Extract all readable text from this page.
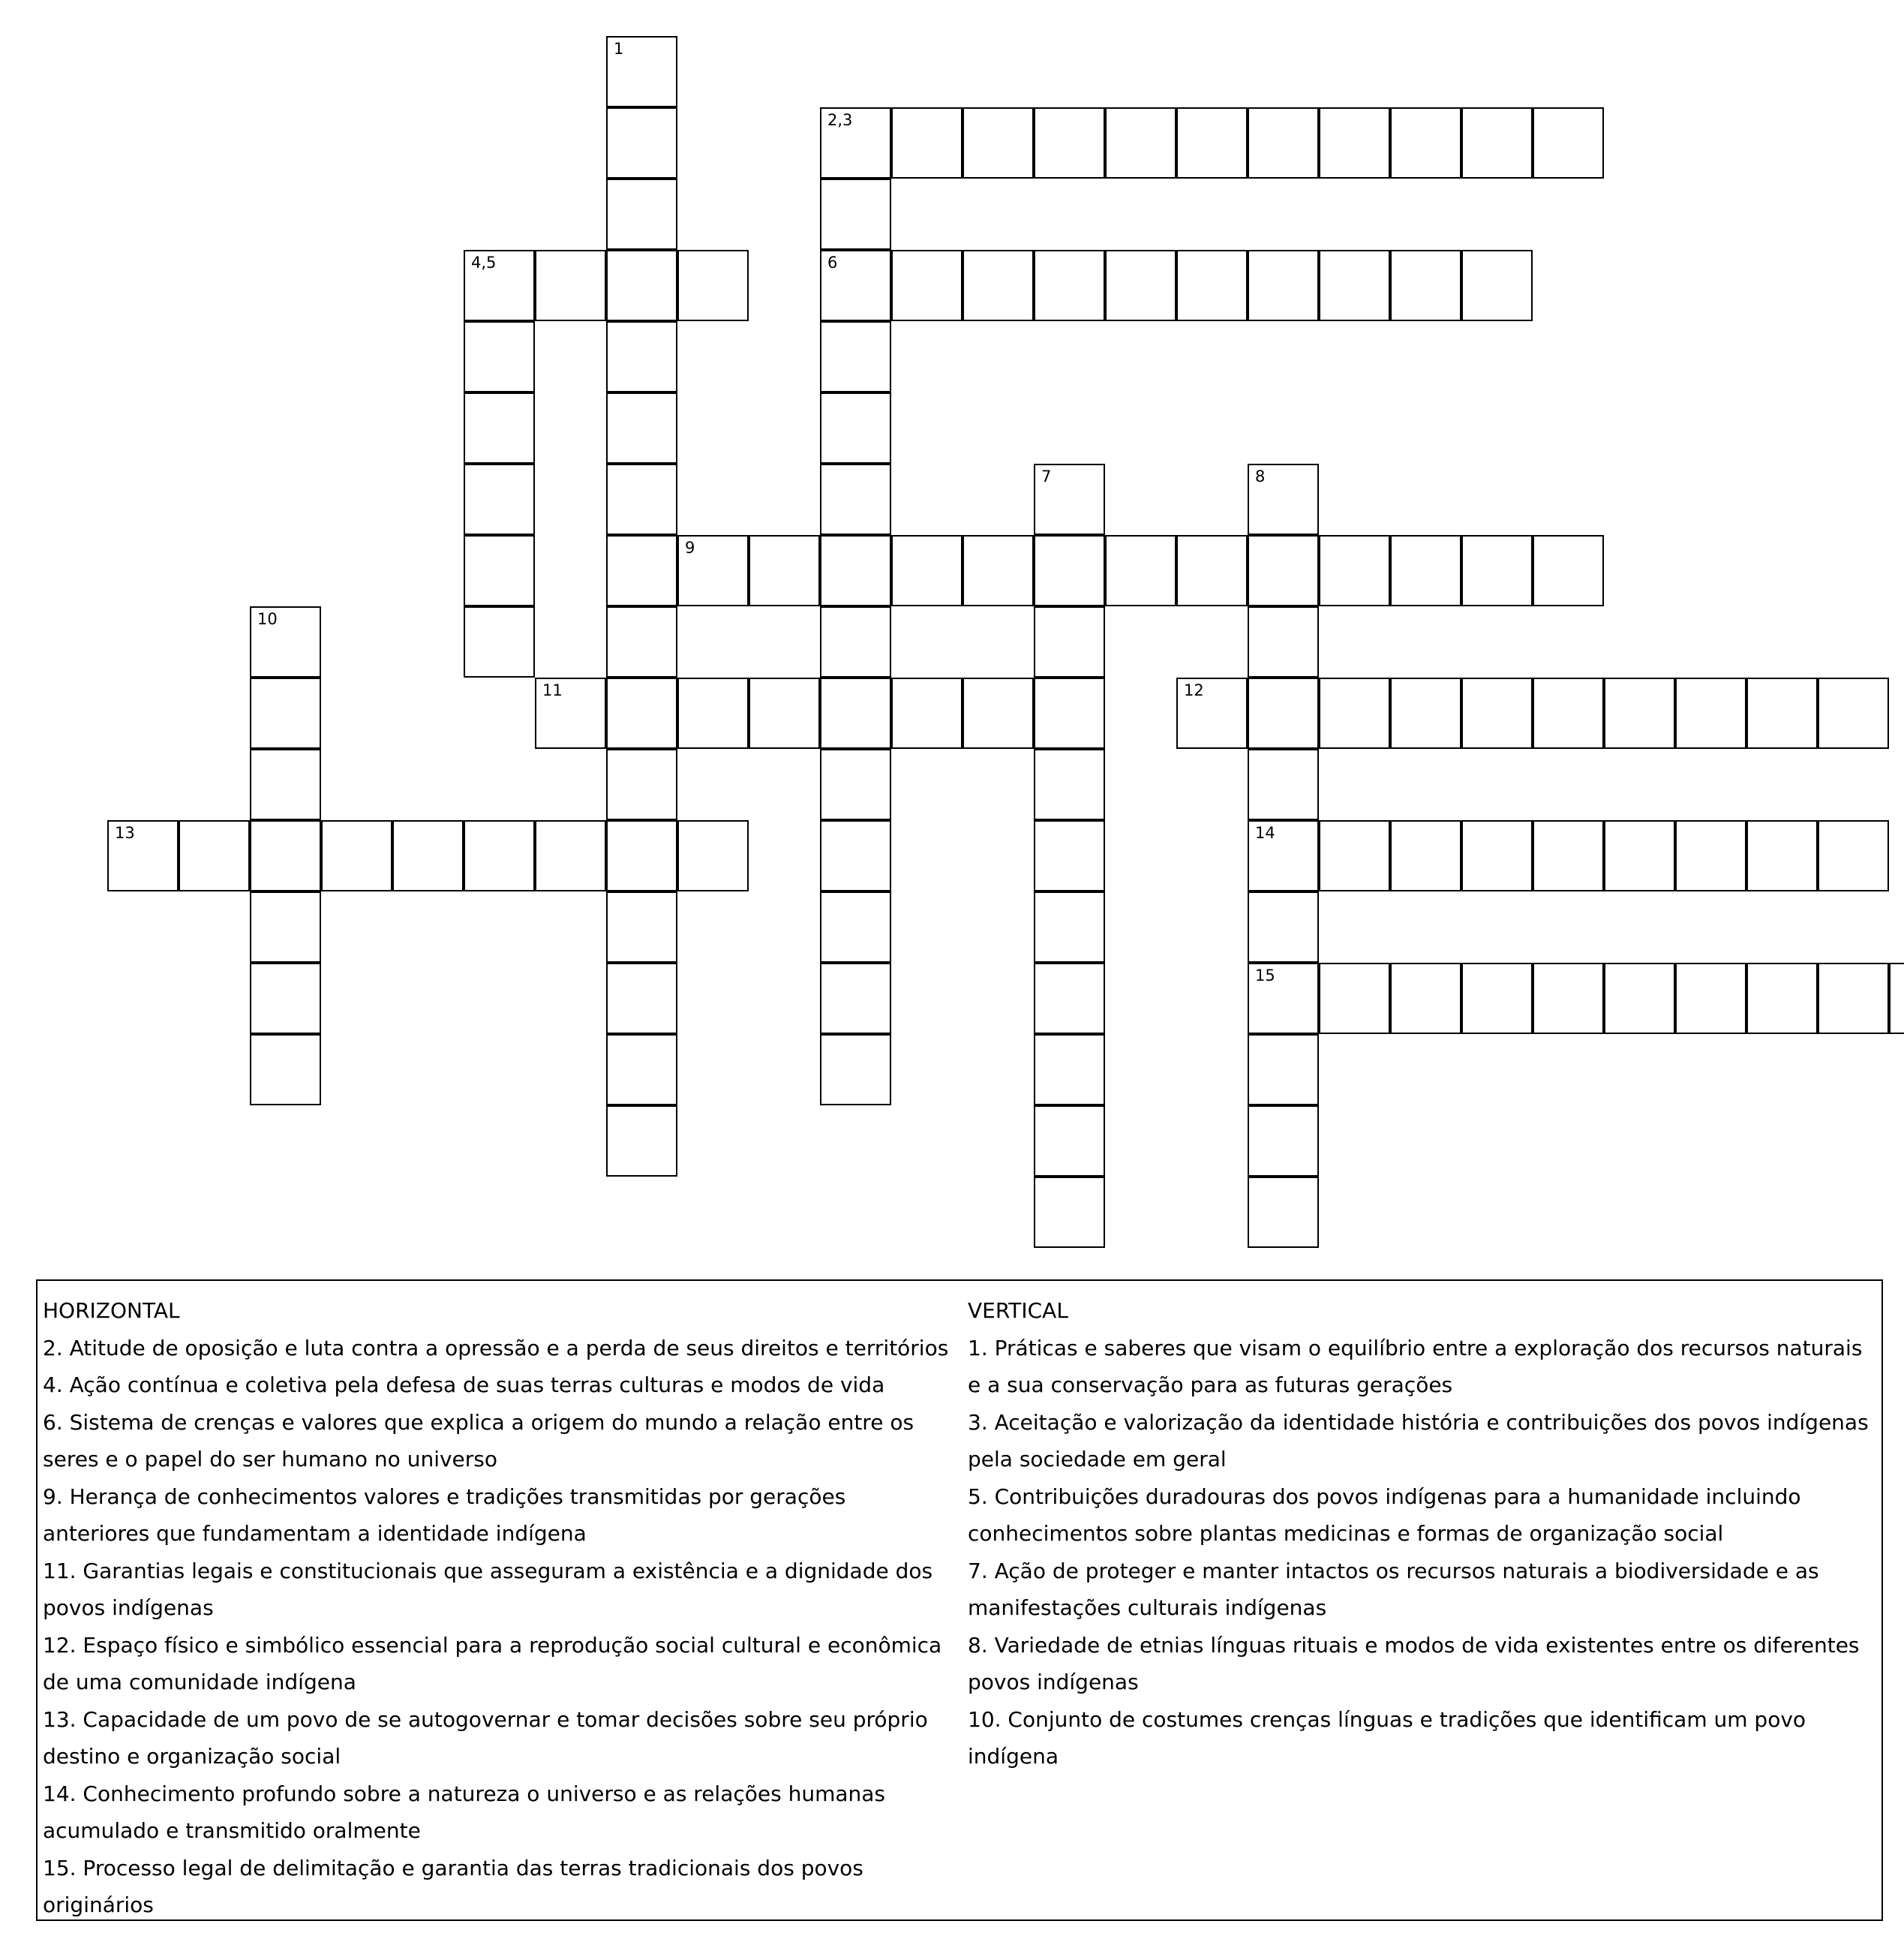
1
2,3
4,5	6
7	8
14
15
9
10
11	12
13

HORIZONTAL

2. Atitude de oposição e luta contra a opressão e a perda de seus direitos e territórios

4. Ação contínua e coletiva pela defesa de suas terras culturas e modos de vida

6. Sistema de crenças e valores que explica a origem do mundo a relação entre os seres e o papel do ser humano no universo

9. Herança de conhecimentos valores e tradições transmitidas por gerações anteriores que fundamentam a identidade indígena

11. Garantias legais e constitucionais que asseguram a existência e a dignidade dos povos indígenas

12. Espaço físico e simbólico essencial para a reprodução social cultural e econômica de uma comunidade indígena

13. Capacidade de um povo de se autogovernar e tomar decisões sobre seu próprio destino e organização social

14. Conhecimento profundo sobre a natureza o universo e as relações humanas acumulado e transmitido oralmente

15. Processo legal de delimitação e garantia das terras tradicionais dos povos originários

VERTICAL

1. Práticas e saberes que visam o equilíbrio entre a exploração dos recursos naturais e a sua conservação para as futuras gerações

3. Aceitação e valorização da identidade história e contribuições dos povos indígenas pela sociedade em geral

5. Contribuições duradouras dos povos indígenas para a humanidade incluindo conhecimentos sobre plantas medicinas e formas de organização social

7. Ação de proteger e manter intactos os recursos naturais a biodiversidade e as manifestações culturais indígenas

8. Variedade de etnias línguas rituais e modos de vida existentes entre os diferentes povos indígenas

10. Conjunto de costumes crenças línguas e tradições que identificam um povo indígena
